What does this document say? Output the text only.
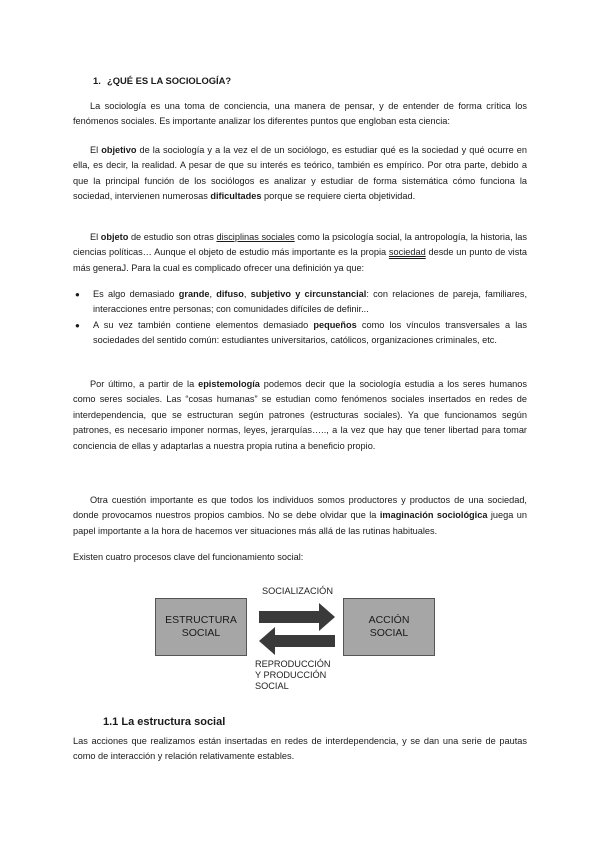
1. ¿QUÉ ES LA SOCIOLOGÍA?

La sociología es una toma de conciencia, una manera de pensar, y de entender de forma crítica los fenómenos sociales. Es importante analizar los diferentes puntos que engloban esta ciencia:

El objetivo de la sociología y a la vez el de un sociólogo, es estudiar qué es la sociedad y qué ocurre en ella, es decir, la realidad. A pesar de que su interés es teórico, también es empírico. Por otra parte, debido a que la principal función de los sociólogos es analizar y estudiar de forma sistemática cómo funciona la sociedad, intervienen numerosas dificultades porque se requiere cierta objetividad.

El objeto de estudio son otras disciplinas sociales como la psicología social, la antropología, la historia, las ciencias políticas… Aunque el objeto de estudio más importante es la propia sociedad desde un punto de vista más generaJ. Para la cual es complicado ofrecer una definición ya que:

● Es algo demasiado grande, difuso, subjetivo y circunstancial: con relaciones de pareja, familiares, interacciones entre personas; con comunidades difíciles de definir...
● A su vez también contiene elementos demasiado pequeños como los vínculos transversales a las sociedades del sentido común: estudiantes universitarios, católicos, organizaciones criminales, etc.

Por último, a partir de la epistemología podemos decir que la sociología estudia a los seres humanos como seres sociales. Las “cosas humanas” se estudian como fenómenos sociales insertados en redes de interdependencia, que se estructuran según patrones (estructuras sociales). Ya que funcionamos según patrones, es necesario imponer normas, leyes, jerarquías….., a la vez que hay que tener libertad para tomar conciencia de ellas y adaptarlas a nuestra propia rutina a beneficio propio.

Otra cuestión importante es que todos los individuos somos productores y productos de una sociedad, donde provocamos nuestros propios cambios. No se debe olvidar que la imaginación sociológica juega un papel importante a la hora de hacemos ver situaciones más allá de las rutinas habituales.

Existen cuatro procesos clave del funcionamiento social:

ESTRUCTURA
SOCIAL
ACCIÓN
SOCIAL
SOCIALIZACIÓN
REPRODUCCIÓN
Y PRODUCCIÓN
SOCIAL
1.1 La estructura social

Las acciones que realizamos están insertadas en redes de interdependencia, y se dan una serie de pautas como de interacción y relación relativamente estables.
